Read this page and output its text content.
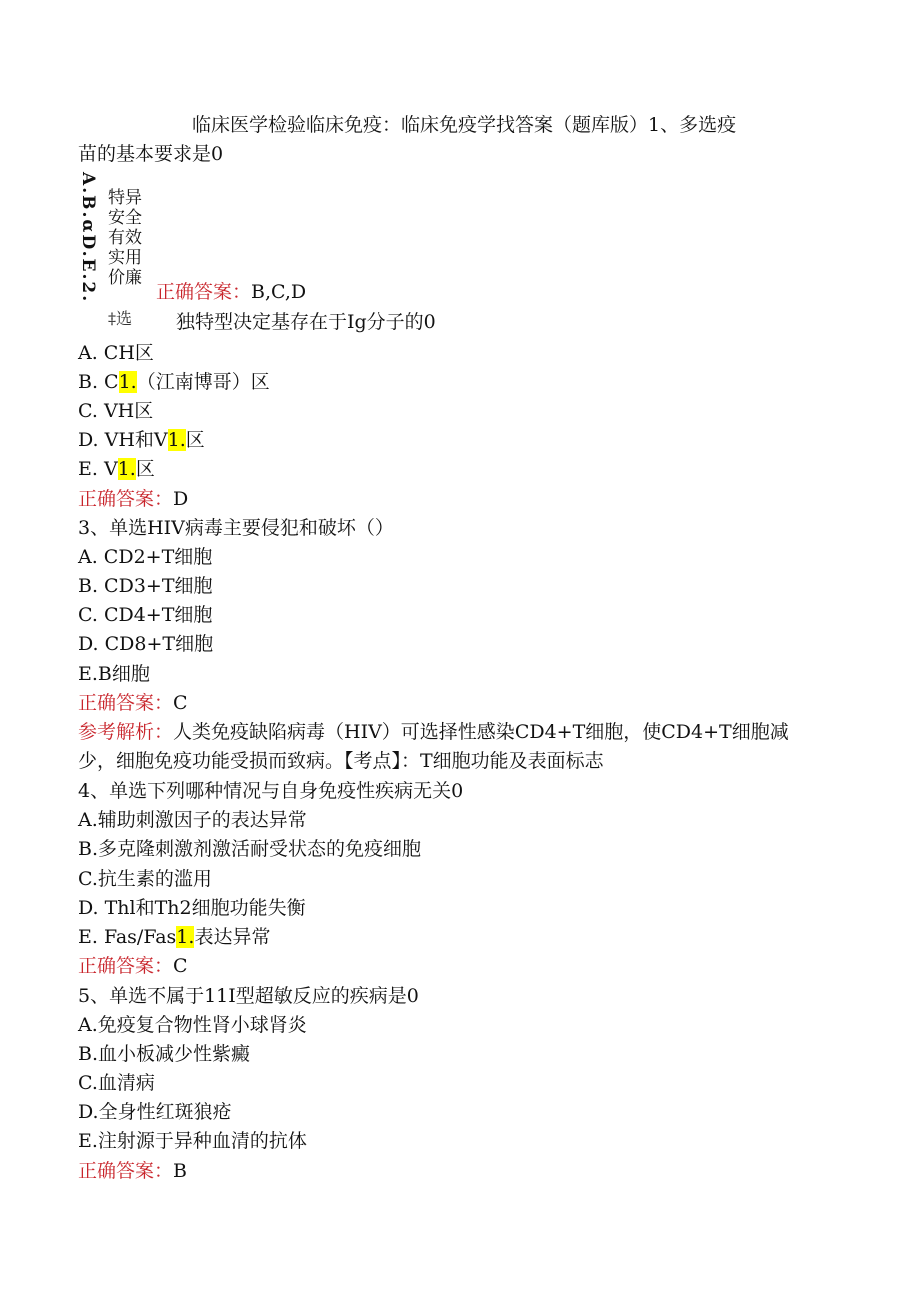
临床医学检验临床免疫：临床免疫学找答案（题库版）1、多选疫
苗的基本要求是0
A.B.αD.E.2. 特异
安全
有效
实用
价廉
正确答案：B,C,D
‡选 独特型决定基存在于Ig分子的0
A. CH区
B. C1.（江南博哥）区
C. VH区
D. VH和V1.区
E. V1.区
正确答案：D
3、单选HIV病毒主要侵犯和破坏（）
A. CD2+T细胞
B. CD3+T细胞
C. CD4+T细胞
D. CD8+T细胞
E.B细胞
正确答案：C
参考解析：人类免疫缺陷病毒（HIV）可选择性感染CD4+T细胞，使CD4+T细胞减
少，细胞免疫功能受损而致病。【考点】：T细胞功能及表面标志
4、单选下列哪种情况与自身免疫性疾病无关0
A.辅助刺激因子的表达异常
B.多克隆刺激剂激活耐受状态的免疫细胞
C.抗生素的滥用
D. Thl和Th2细胞功能失衡
E. Fas/Fas1.表达异常
正确答案：C
5、单选不属于11I型超敏反应的疾病是0
A.免疫复合物性肾小球肾炎
B.血小板减少性紫癜
C.血清病
D.全身性红斑狼疮
E.注射源于异种血清的抗体
正确答案：B
